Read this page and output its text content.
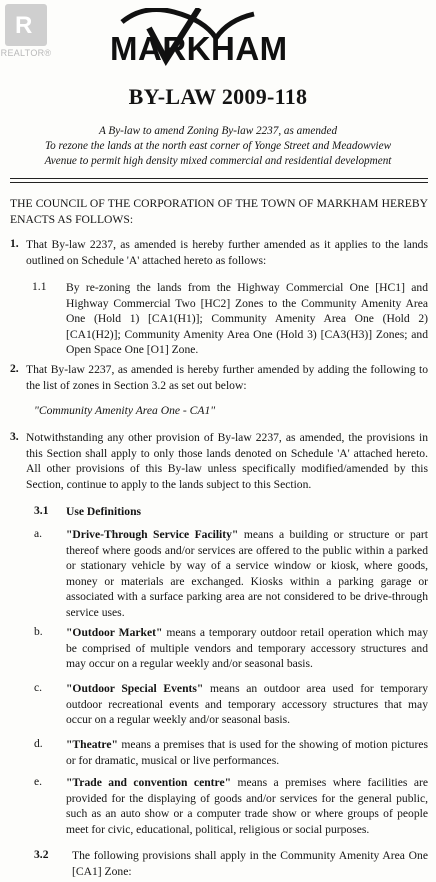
R
REALTOR® MARKHAM
BY-LAW 2009-118
A By-law to amend Zoning By-law 2237, as amended
To rezone the lands at the north east corner of Yonge Street and Meadowview
Avenue to permit high density mixed commercial and residential development
THE COUNCIL OF THE CORPORATION OF THE TOWN OF MARKHAM HEREBY ENACTS AS FOLLOWS:
1. That By-law 2237, as amended is hereby further amended as it applies to the lands outlined on Schedule 'A' attached hereto as follows:
1.1 By re-zoning the lands from the Highway Commercial One [HC1] and Highway Commercial Two [HC2] Zones to the Community Amenity Area One (Hold 1) [CA1(H1)]; Community Amenity Area One (Hold 2) [CA1(H2)]; Community Amenity Area One (Hold 3) [CA3(H3)] Zones; and Open Space One [O1] Zone.
2. That By-law 2237, as amended is hereby further amended by adding the following to the list of zones in Section 3.2 as set out below:
"Community Amenity Area One - CA1"
3. Notwithstanding any other provision of By-law 2237, as amended, the provisions in this Section shall apply to only those lands denoted on Schedule 'A' attached hereto. All other provisions of this By-law unless specifically modified/amended by this Section, continue to apply to the lands subject to this Section.
3.1 Use Definitions
a. "Drive-Through Service Facility" means a building or structure or part thereof where goods and/or services are offered to the public within a parked or stationary vehicle by way of a service window or kiosk, where goods, money or materials are exchanged. Kiosks within a parking garage or associated with a surface parking area are not considered to be drive-through service uses.
b. "Outdoor Market" means a temporary outdoor retail operation which may be comprised of multiple vendors and temporary accessory structures and may occur on a regular weekly and/or seasonal basis.
c. "Outdoor Special Events" means an outdoor area used for temporary outdoor recreational events and temporary accessory structures that may occur on a regular weekly and/or seasonal basis.
d. "Theatre" means a premises that is used for the showing of motion pictures or for dramatic, musical or live performances.
e. "Trade and convention centre" means a premises where facilities are provided for the displaying of goods and/or services for the general public, such as an auto show or a computer trade show or where groups of people meet for civic, educational, political, religious or social purposes.
3.2 The following provisions shall apply in the Community Amenity Area One [CA1] Zone:
